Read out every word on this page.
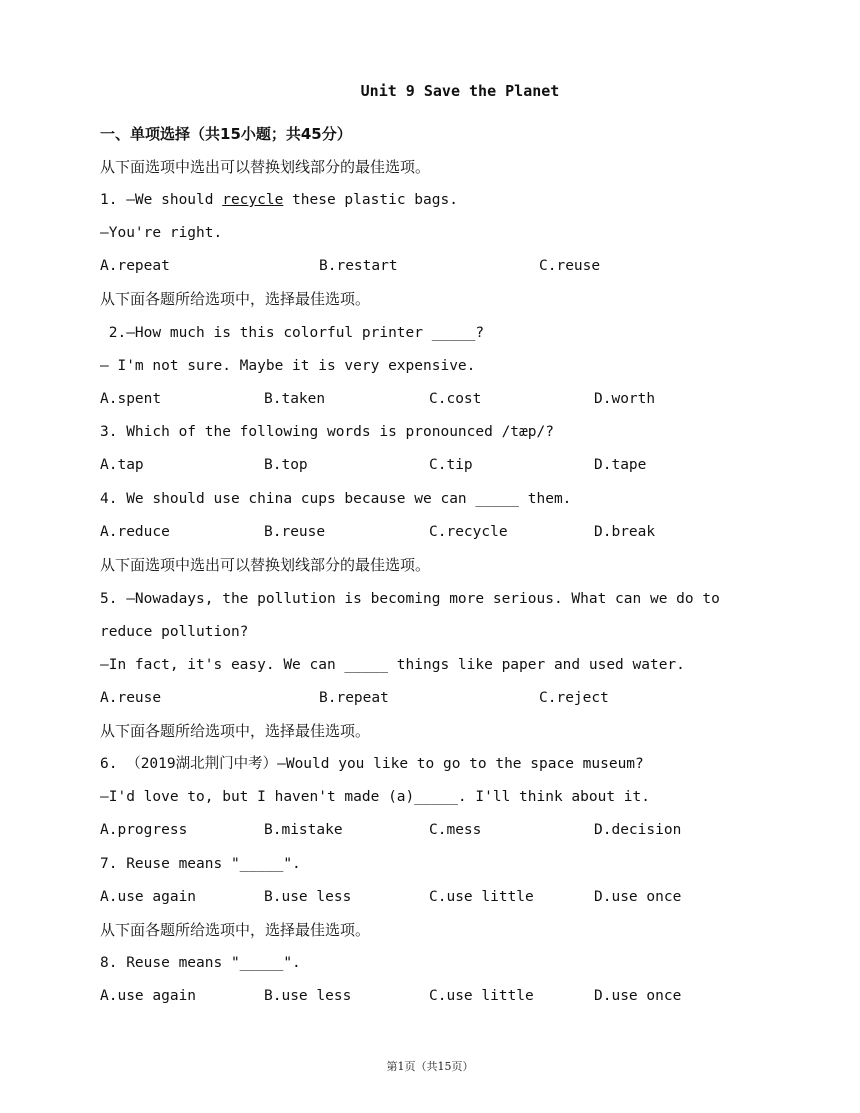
Unit 9 Save the Planet
一、单项选择（共15小题；共45分）
从下面选项中选出可以替换划线部分的最佳选项。
1. —We should recycle these plastic bags.
—You're right.
A.repeat	B.restart	C.reuse
从下面各题所给选项中，选择最佳选项。
2.—How much is this colorful printer _____?
— I'm not sure. Maybe it is very expensive.
A.spent	B.taken	C.cost	D.worth
3. Which of the following words is pronounced /tæp/?
A.tap	B.top	C.tip	D.tape
4. We should use china cups because we can _____ them.
A.reduce	B.reuse	C.recycle	D.break
从下面选项中选出可以替换划线部分的最佳选项。
5. —Nowadays, the pollution is becoming more serious. What can we do to
reduce pollution?
—In fact, it's easy. We can _____ things like paper and used water.
A.reuse	B.repeat	C.reject
从下面各题所给选项中，选择最佳选项。
6. （2019湖北荆门中考）—Would you like to go to the space museum?
—I'd love to, but I haven't made (a)_____. I'll think about it.
A.progress	B.mistake	C.mess	D.decision
7. Reuse means "_____".
A.use again	B.use less	C.use little	D.use once
从下面各题所给选项中，选择最佳选项。
8. Reuse means "_____".
A.use again	B.use less	C.use little	D.use once
第1页（共15页）
